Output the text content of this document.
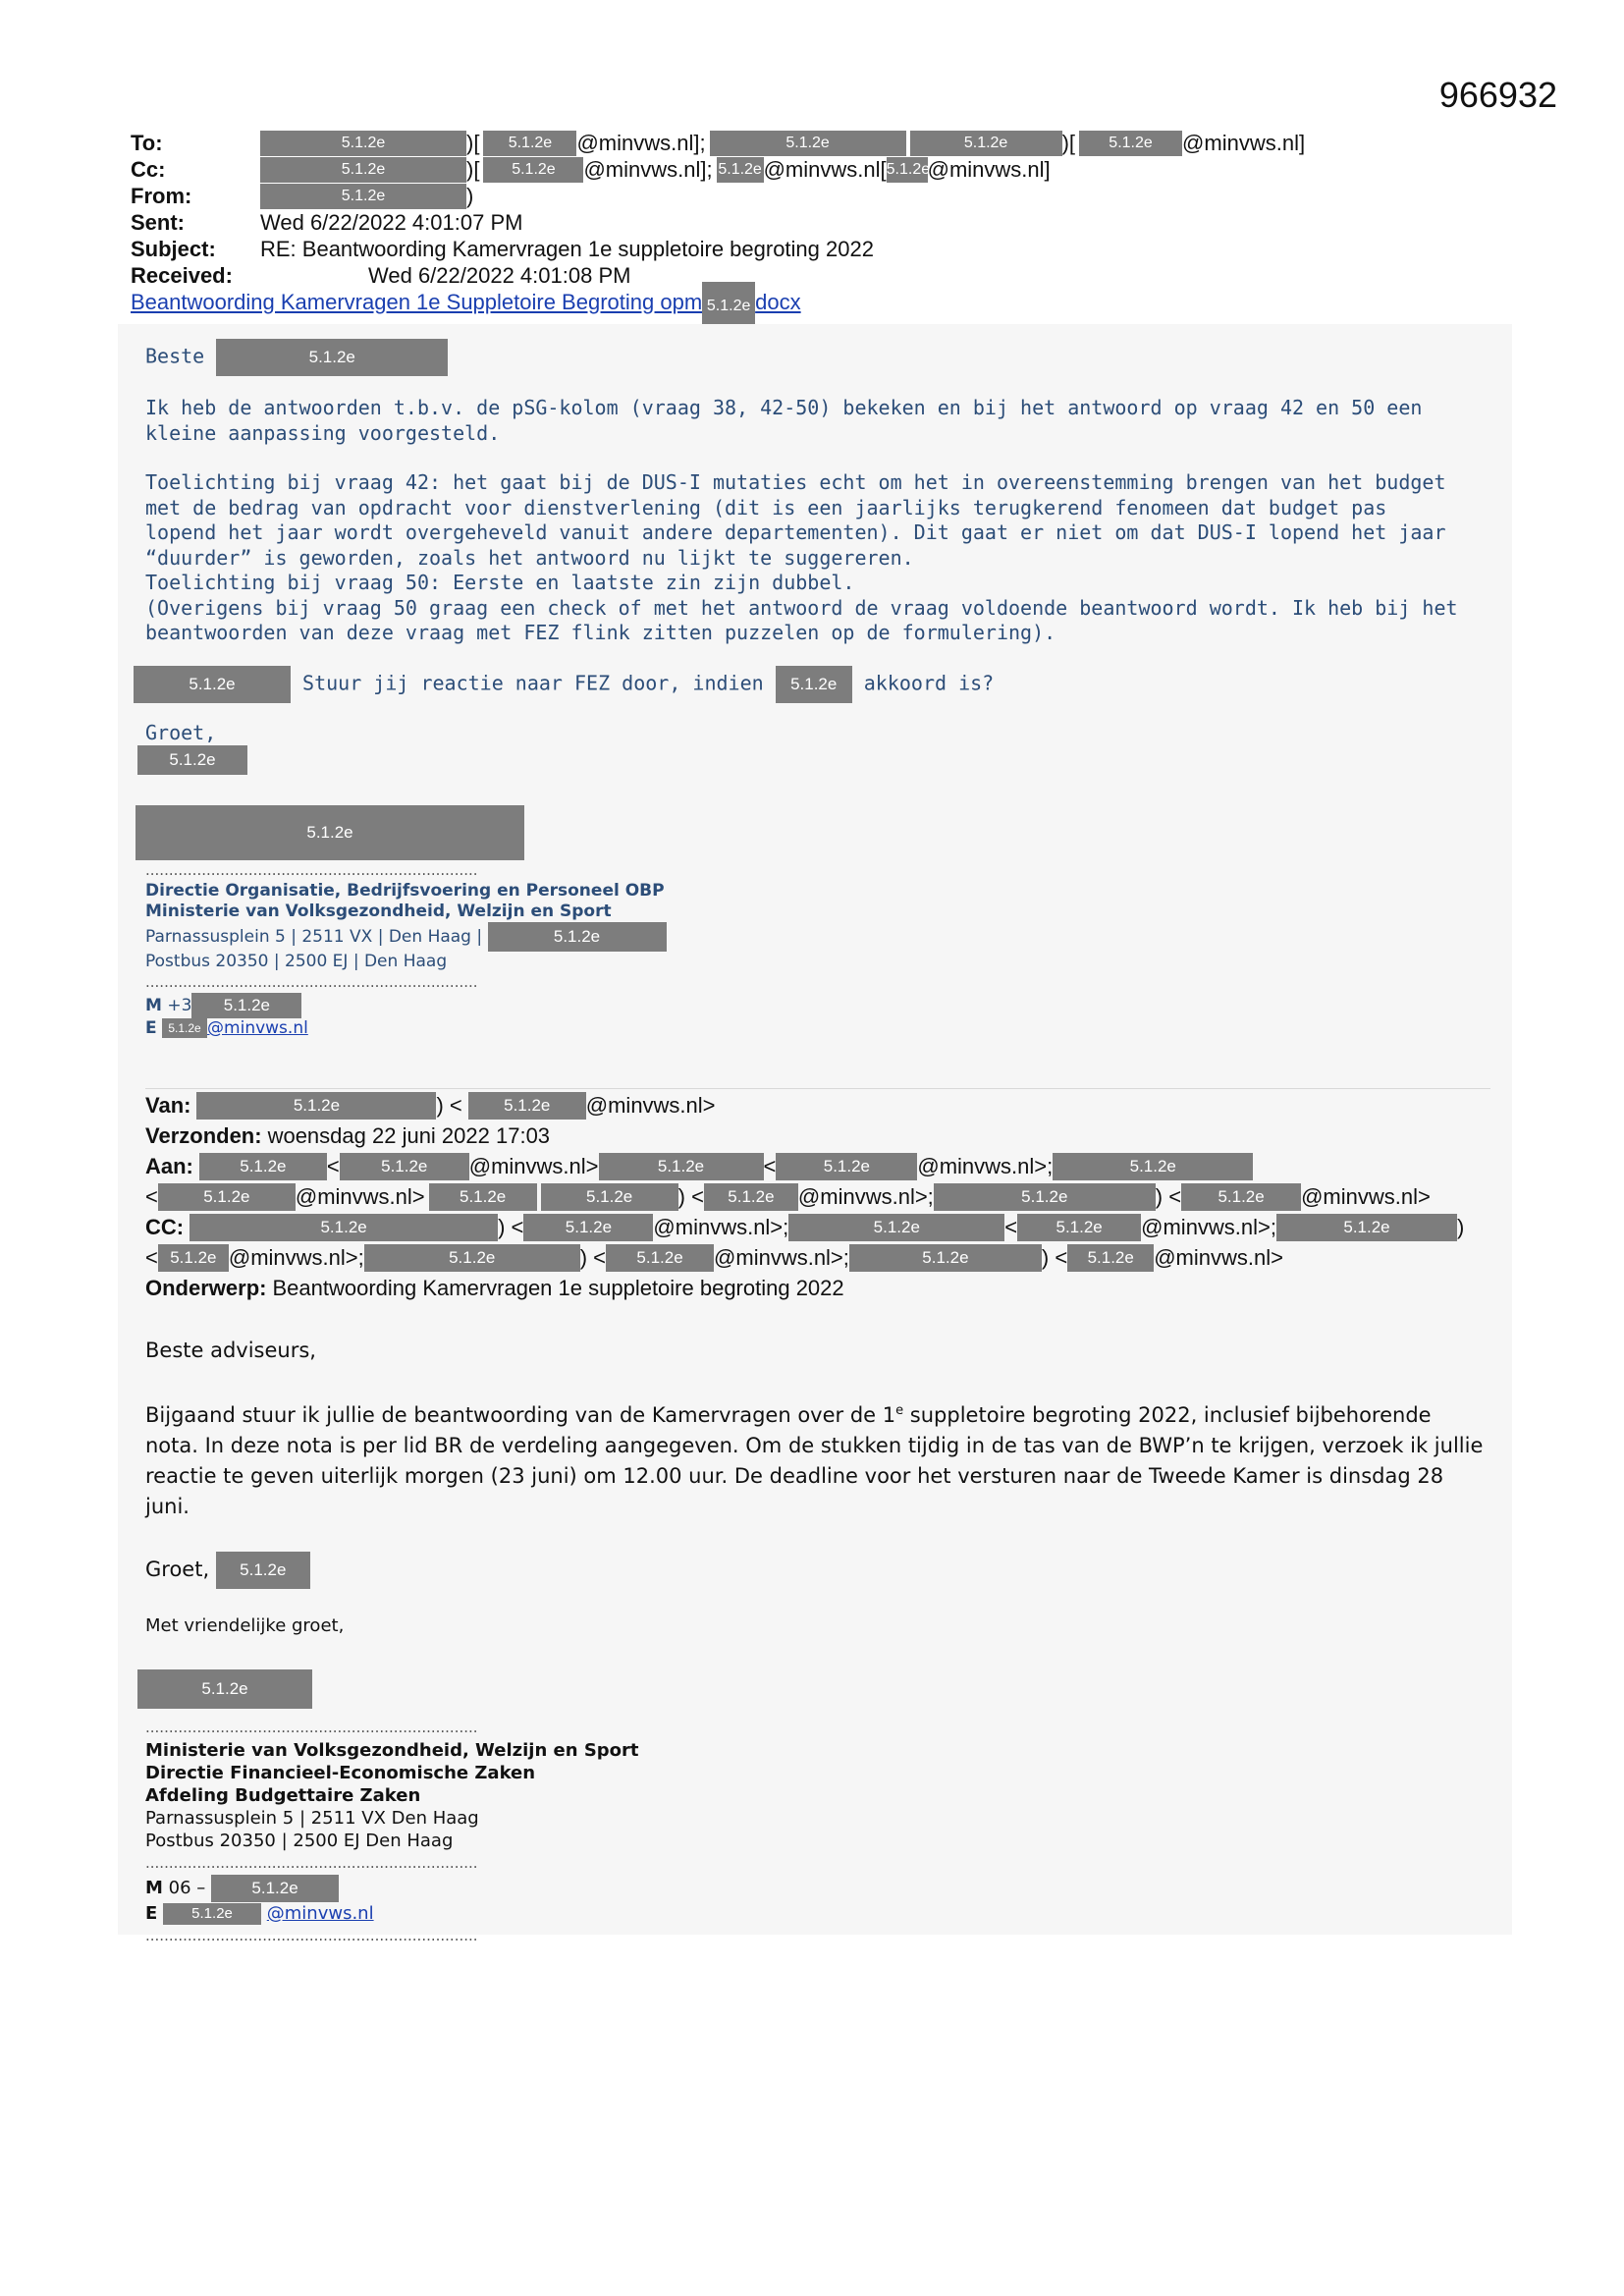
966932
To:	5.1.2e	)[	5.1.2e	@minvws.nl];	5.1.2e	5.1.2e	)[	5.1.2e	@minvws.nl]
Cc:	5.1.2e	)[	5.1.2e	@minvws.nl]; 5.1.2e @minvws.nl[ 5.1.2e
@minvws.nl]
From:	5.1.2e	)
Sent:	Wed 6/22/2022 4:01:07 PM
Subject:	RE: Beantwoording Kamervragen 1e suppletoire begroting 2022
Received:	Wed 6/22/2022 4:01:08 PM
Beantwoording Kamervragen 1e Suppletoire Begroting opm 5.1.2e docx

Beste	5.1.2e

Ik heb de antwoorden t.b.v. de pSG-kolom (vraag 38, 42-50) bekeken en bij het antwoord op vraag 42 en 50 een kleine aanpassing voorgesteld.

Toelichting bij vraag 42: het gaat bij de DUS-I mutaties echt om het in overeenstemming brengen van het budget met de bedrag van opdracht voor dienstverlening (dit is een jaarlijks terugkerend fenomeen dat budget pas lopend het jaar wordt overgeheveld vanuit andere departementen). Dit gaat er niet om dat DUS-I lopend het jaar “duurder” is geworden, zoals het antwoord nu lijkt te suggereren.

Toelichting bij vraag 50: Eerste en laatste zin zijn dubbel.

(Overigens bij vraag 50 graag een check of met het antwoord de vraag voldoende beantwoord wordt. Ik heb bij het beantwoorden van deze vraag met FEZ flink zitten puzzelen op de formulering).

5.1.2e	Stuur jij reactie naar FEZ door, indien 5.1.2e akkoord is?

Groet,

5.1.2e

5.1.2e
.......................................................................
Directie Organisatie, Bedrijfsvoering en Personeel OBP
Ministerie van Volksgezondheid, Welzijn en Sport
Parnassusplein 5 | 2511 VX | Den Haag |	5.1.2e
Postbus 20350 | 2500 EJ | Den Haag
.......................................................................
M +3 5.1.2e
E 5.1.2e @minvws.nl
Van:	5.1.2e	) <	5.1.2e	@minvws.nl>
Verzonden: woensdag 22 juni 2022 17:03
Aan:	5.1.2e	<	5.1.2e	@minvws.nl>	5.1.2e	<	5.1.2e	@minvws.nl>;	5.1.2e
<	5.1.2e	@minvws.nl>	5.1.2e	5.1.2e	) <	5.1.2e	@minvws.nl>;	5.1.2e	) <	5.1.2e	@minvws.nl>
CC:	5.1.2e	) <	5.1.2e	@minvws.nl>;	5.1.2e	<	5.1.2e	@minvws.nl>;	5.1.2e	)
< 5.1.2e @minvws.nl>;	5.1.2e	) <	5.1.2e	@minvws.nl>;	5.1.2e	) <	5.1.2e @minvws.nl>
Onderwerp: Beantwoording Kamervragen 1e suppletoire begroting 2022

Beste adviseurs,

Bijgaand stuur ik jullie de beantwoording van de Kamervragen over de 1e suppletoire begroting 2022, inclusief bijbehorende nota. In deze nota is per lid BR de verdeling aangegeven. Om de stukken tijdig in de tas van de BWP’n te krijgen, verzoek ik jullie reactie te geven uiterlijk morgen (23 juni) om 12.00 uur. De deadline voor het versturen naar de Tweede Kamer is dinsdag 28 juni.

Groet, 5.1.2e

Met vriendelijke groet,

5.1.2e
.......................................................................
Ministerie van Volksgezondheid, Welzijn en Sport
Directie Financieel-Economische Zaken
Afdeling Budgettaire Zaken
Parnassusplein 5 | 2511 VX Den Haag
Postbus 20350 | 2500 EJ Den Haag
.......................................................................
M 06 –	5.1.2e
E 5.1.2e @minvws.nl
.......................................................................
